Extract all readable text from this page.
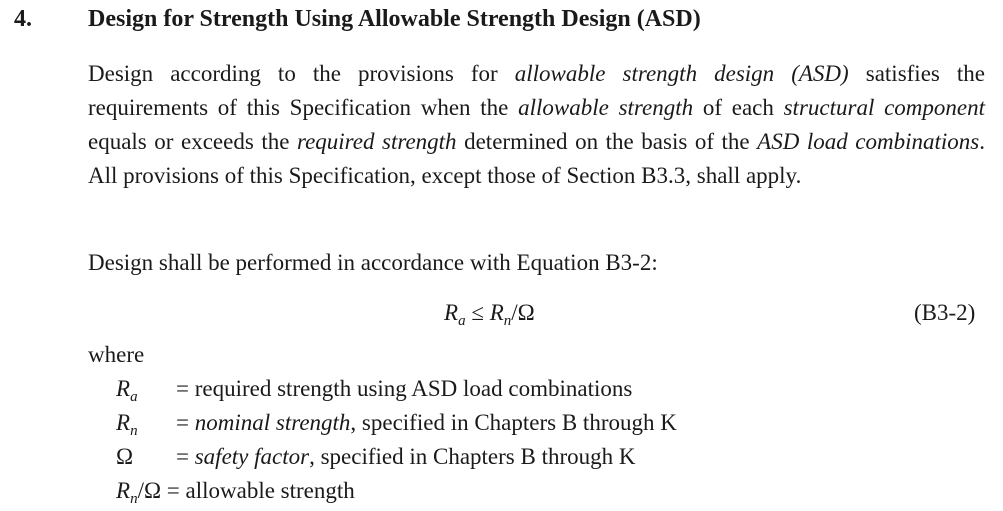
4. Design for Strength Using Allowable Strength Design (ASD)

Design according to the provisions for allowable strength design (ASD) satisfies the requirements of this Specification when the allowable strength of each structural component equals or exceeds the required strength determined on the basis of the ASD load combinations. All provisions of this Specification, except those of Section B3.3, shall apply.

Design shall be performed in accordance with Equation B3-2:

$R_a \le R_n/\Omega$	(B3-2)

where

$R_a$ = required strength using ASD load combinations
$R_n$ = nominal strength, specified in Chapters B through K
Ω = safety factor, specified in Chapters B through K
$R_n/\Omega$ = allowable strength
